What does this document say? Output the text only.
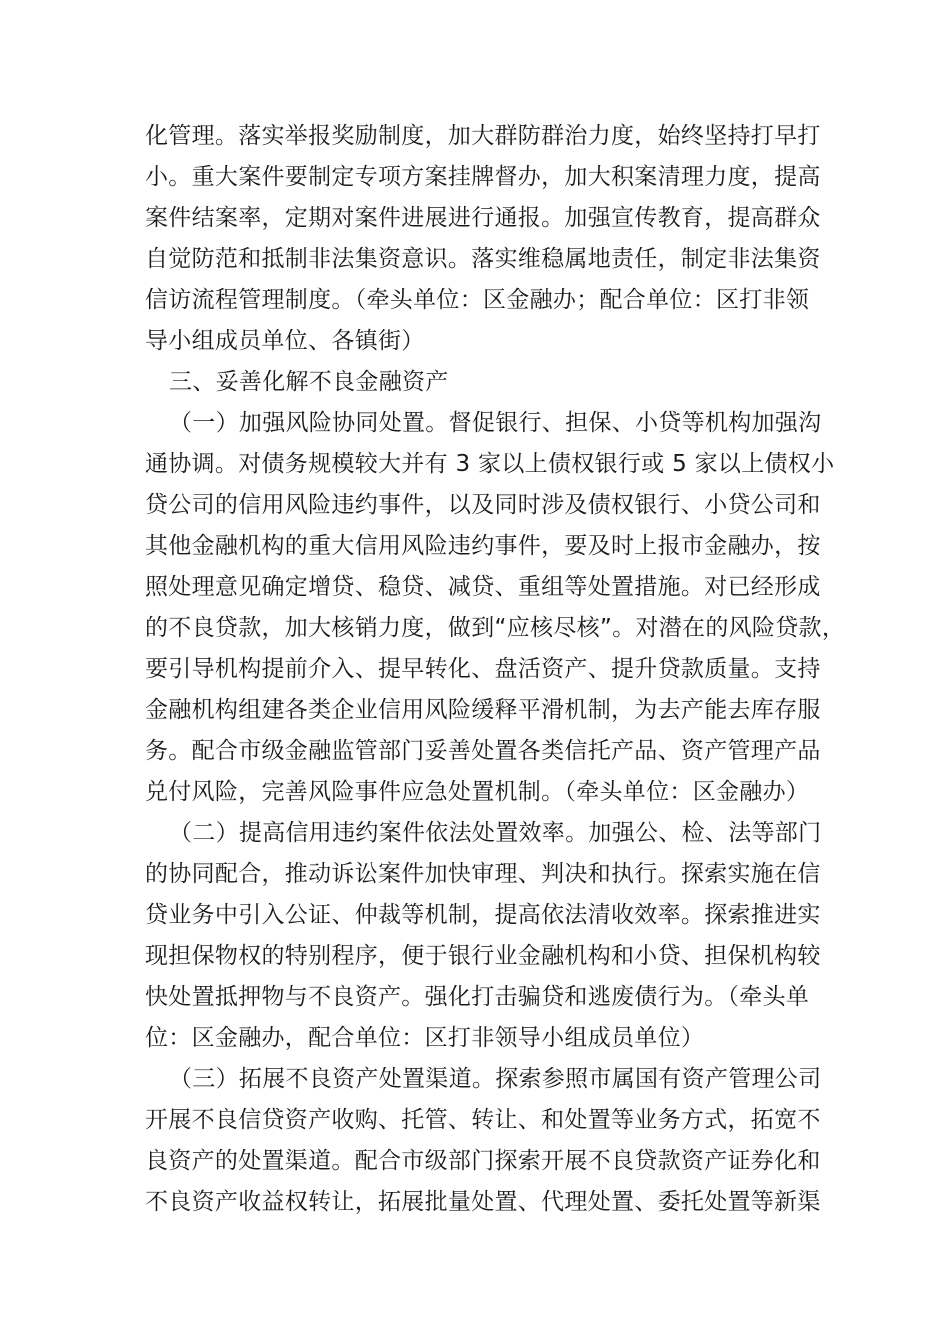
化管理。落实举报奖励制度，加大群防群治力度，始终坚持打早打
小。重大案件要制定专项方案挂牌督办，加大积案清理力度，提高
案件结案率，定期对案件进展进行通报。加强宣传教育，提高群众
自觉防范和抵制非法集资意识。落实维稳属地责任，制定非法集资
信访流程管理制度。（牵头单位：区金融办；配合单位：区打非领
导小组成员单位、各镇街）
三、妥善化解不良金融资产
（一）加强风险协同处置。督促银行、担保、小贷等机构加强沟
通协调。对债务规模较大并有 3 家以上债权银行或 5 家以上债权小
贷公司的信用风险违约事件，以及同时涉及债权银行、小贷公司和
其他金融机构的重大信用风险违约事件，要及时上报市金融办，按
照处理意见确定增贷、稳贷、减贷、重组等处置措施。对已经形成
的不良贷款，加大核销力度，做到“应核尽核”。对潜在的风险贷款，
要引导机构提前介入、提早转化、盘活资产、提升贷款质量。支持
金融机构组建各类企业信用风险缓释平滑机制，为去产能去库存服
务。配合市级金融监管部门妥善处置各类信托产品、资产管理产品
兑付风险，完善风险事件应急处置机制。（牵头单位：区金融办）
（二）提高信用违约案件依法处置效率。加强公、检、法等部门
的协同配合，推动诉讼案件加快审理、判决和执行。探索实施在信
贷业务中引入公证、仲裁等机制，提高依法清收效率。探索推进实
现担保物权的特别程序，便于银行业金融机构和小贷、担保机构较
快处置抵押物与不良资产。强化打击骗贷和逃废债行为。（牵头单
位：区金融办，配合单位：区打非领导小组成员单位）
（三）拓展不良资产处置渠道。探索参照市属国有资产管理公司
开展不良信贷资产收购、托管、转让、和处置等业务方式，拓宽不
良资产的处置渠道。配合市级部门探索开展不良贷款资产证券化和
不良资产收益权转让，拓展批量处置、代理处置、委托处置等新渠
